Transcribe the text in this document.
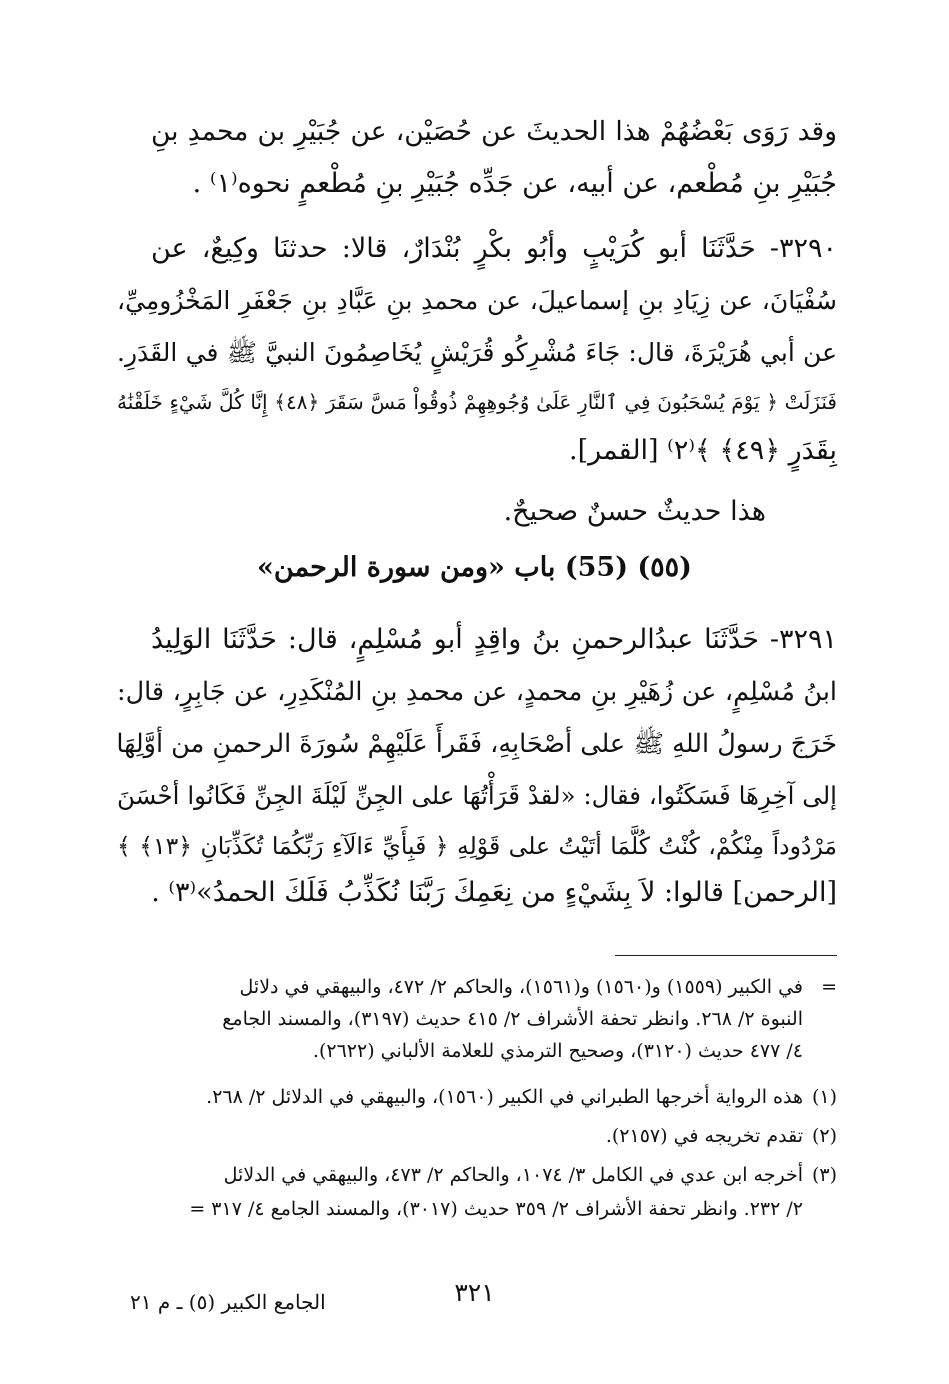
وقد رَوَى بَعْضُهُمْ هذا الحديثَ عن حُصَيْن، عن جُبَيْرِ بن محمدِ بنِ
جُبَيْرِ بنِ مُطْعم، عن أبيه، عن جَدِّه جُبَيْرِ بنِ مُطْعمٍ نحوه⁽١⁾ .
٣٢٩٠- حَدَّثَنَا أبو كُرَيْبٍ وأبُو بكْرٍ بُنْدَارٌ، قالا: حدثنَا وكِيعٌ، عن
سُفْيَانَ، عن زِيَادِ بنِ إسماعيلَ، عن محمدِ بنِ عَبَّادِ بنِ جَعْفَرِ المَخْزُومِيِّ،
عن أبي هُرَيْرَةَ، قال: جَاءَ مُشْرِكُو قُرَيْشٍ يُخَاصِمُونَ النبيَّ ﷺ في القَدَرِ.
فَنَزَلَتْ ﴿ يَوْمَ يُسْحَبُونَ فِي ٱلنَّارِ عَلَىٰ وُجُوهِهِمْ ذُوقُواْ مَسَّ سَقَرَ ﴿٤٨﴾ إِنَّا كُلَّ شَيْءٍ خَلَقْنَٰهُ
بِقَدَرٍ ﴿٤٩﴾ ﴾⁽٢⁾ [القمر].
هذا حديثٌ حسنٌ صحيحٌ.
(٥٥) (55) باب «ومن سورة الرحمن»
٣٢٩١- حَدَّثَنَا عبدُالرحمنِ بنُ واقِدٍ أبو مُسْلِمٍ، قال: حَدَّثَنَا الوَلِيدُ
ابنُ مُسْلِمٍ، عن زُهَيْرِ بنِ محمدٍ، عن محمدِ بنِ المُنْكَدِرِ، عن جَابِرٍ، قال:
خَرَجَ رسولُ اللهِ ﷺ على أصْحَابِهِ، فَقَرأَ عَلَيْهِمْ سُورَةَ الرحمنِ من أوَّلِهَا
إلى آخِرِهَا فَسَكَتُوا، فقال: «لقدْ قَرَأْتُهَا على الجِنِّ لَيْلَةَ الجِنِّ فَكَانُوا أحْسَنَ
مَرْدُوداً مِنْكُمْ، كُنْتُ كُلَّمَا أتَيْتُ على قَوْلِهِ ﴿ فَبِأَيِّ ءَالَآءِ رَبِّكُمَا تُكَذِّبَانِ ﴿١٣﴾ ﴾
[الرحمن] قالوا: لاَ بِشَيْءٍ من نِعَمِكَ رَبَّنَا نُكَذِّبُ فَلَكَ الحمدُ»⁽٣⁾ .
=في الكبير (١٥٥٩) و(١٥٦٠) و(١٥٦١)، والحاكم ٢/ ٤٧٢، والبيهقي في دلائل
النبوة ٢/ ٢٦٨. وانظر تحفة الأشراف ٢/ ٤١٥ حديث (٣١٩٧)، والمسند الجامع
٤/ ٤٧٧ حديث (٣١٢٠)، وصحيح الترمذي للعلامة الألباني (٢٦٢٢).
(١)هذه الرواية أخرجها الطبراني في الكبير (١٥٦٠)، والبيهقي في الدلائل ٢/ ٢٦٨.
(٢)تقدم تخريجه في (٢١٥٧).
(٣)أخرجه ابن عدي في الكامل ٣/ ١٠٧٤، والحاكم ٢/ ٤٧٣، والبيهقي في الدلائل
٢/ ٢٣٢. وانظر تحفة الأشراف ٢/ ٣٥٩ حديث (٣٠١٧)، والمسند الجامع ٤/ ٣١٧ =
٣٢١
الجامع الكبير (٥) ـ م ٢١
